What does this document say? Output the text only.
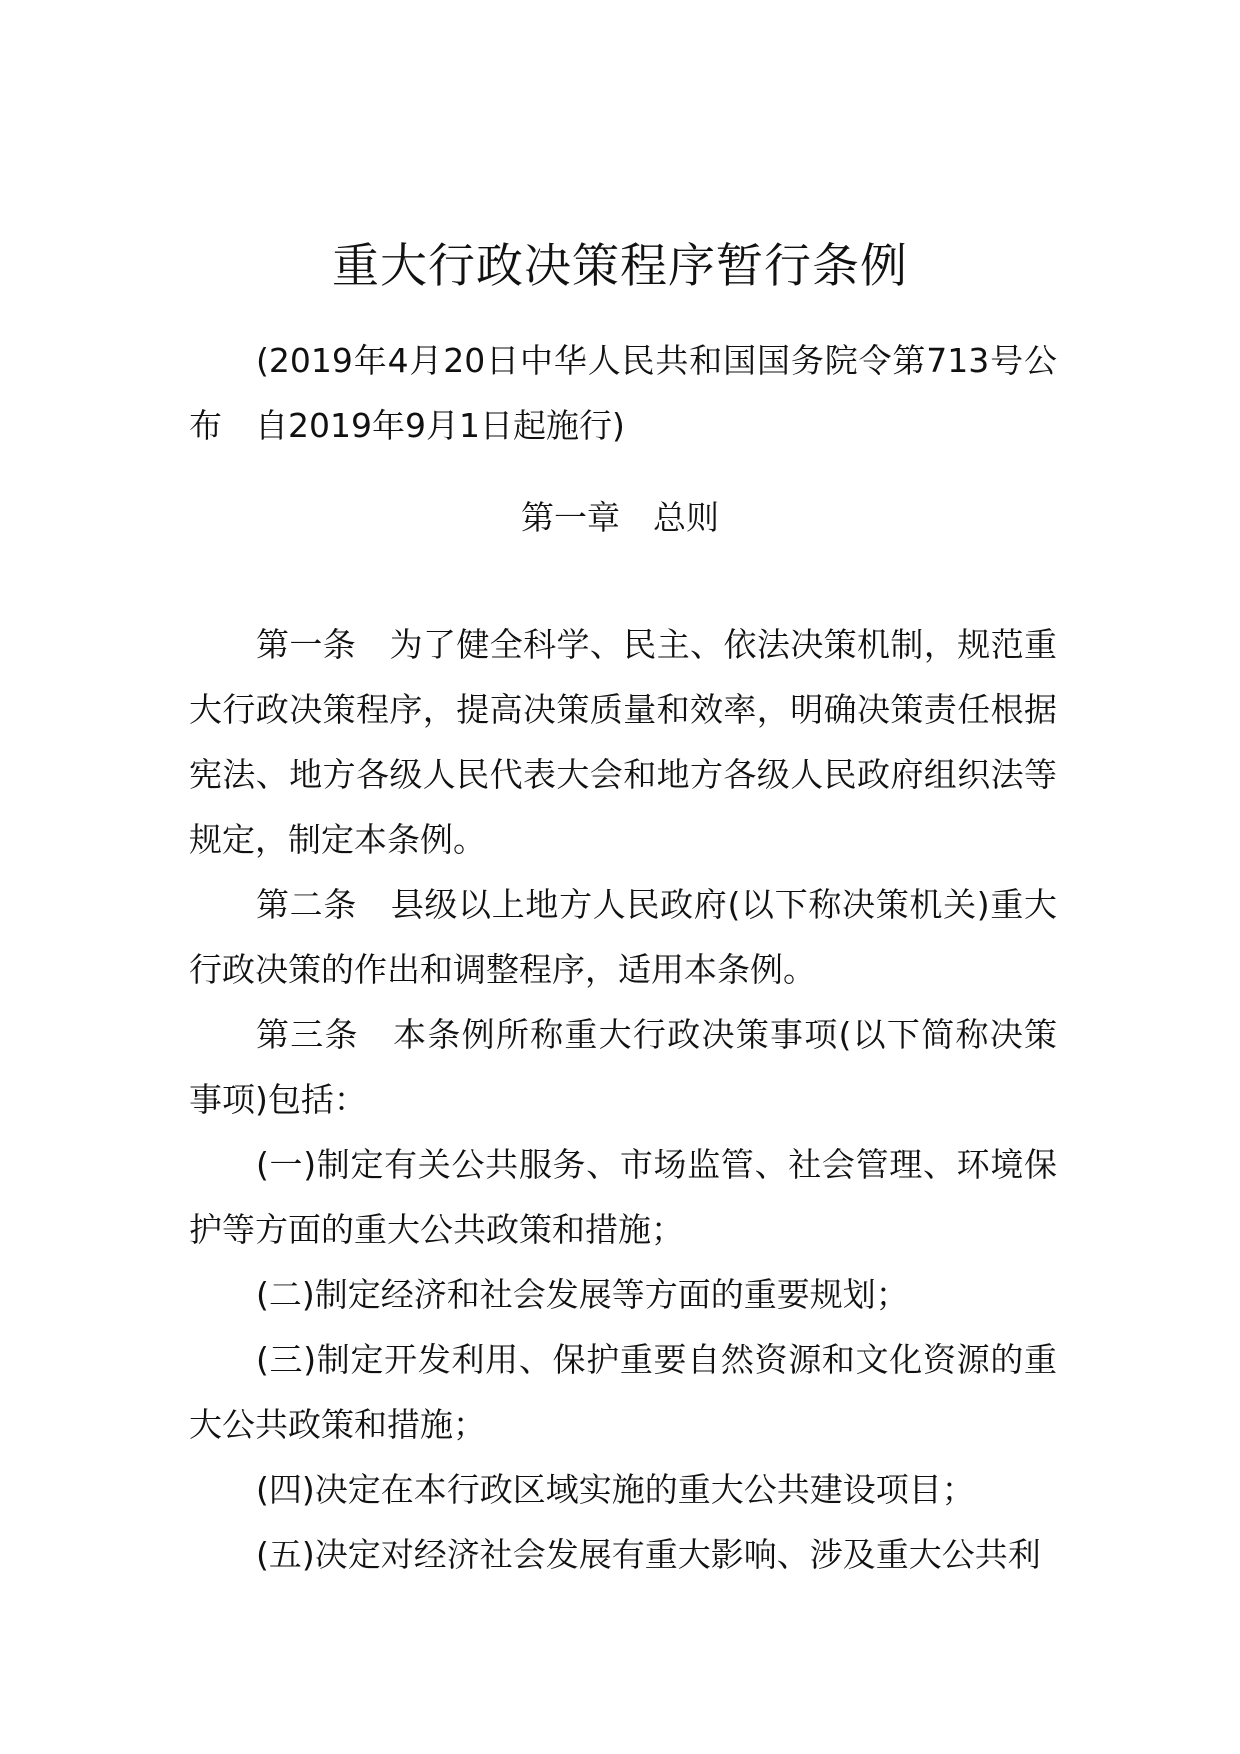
重大行政决策程序暂行条例

(2019年4月20日中华人民共和国国务院令第713号公布　自2019年9月1日起施行)

第一章　总则

第一条　为了健全科学、民主、依法决策机制，规范重大行政决策程序，提高决策质量和效率，明确决策责任根据宪法、地方各级人民代表大会和地方各级人民政府组织法等规定，制定本条例。

第二条　县级以上地方人民政府(以下称决策机关)重大行政决策的作出和调整程序，适用本条例。

第三条　本条例所称重大行政决策事项(以下简称决策事项)包括：

(一)制定有关公共服务、市场监管、社会管理、环境保护等方面的重大公共政策和措施；

(二)制定经济和社会发展等方面的重要规划；

(三)制定开发利用、保护重要自然资源和文化资源的重大公共政策和措施；

(四)决定在本行政区域实施的重大公共建设项目；

(五)决定对经济社会发展有重大影响、涉及重大公共利
